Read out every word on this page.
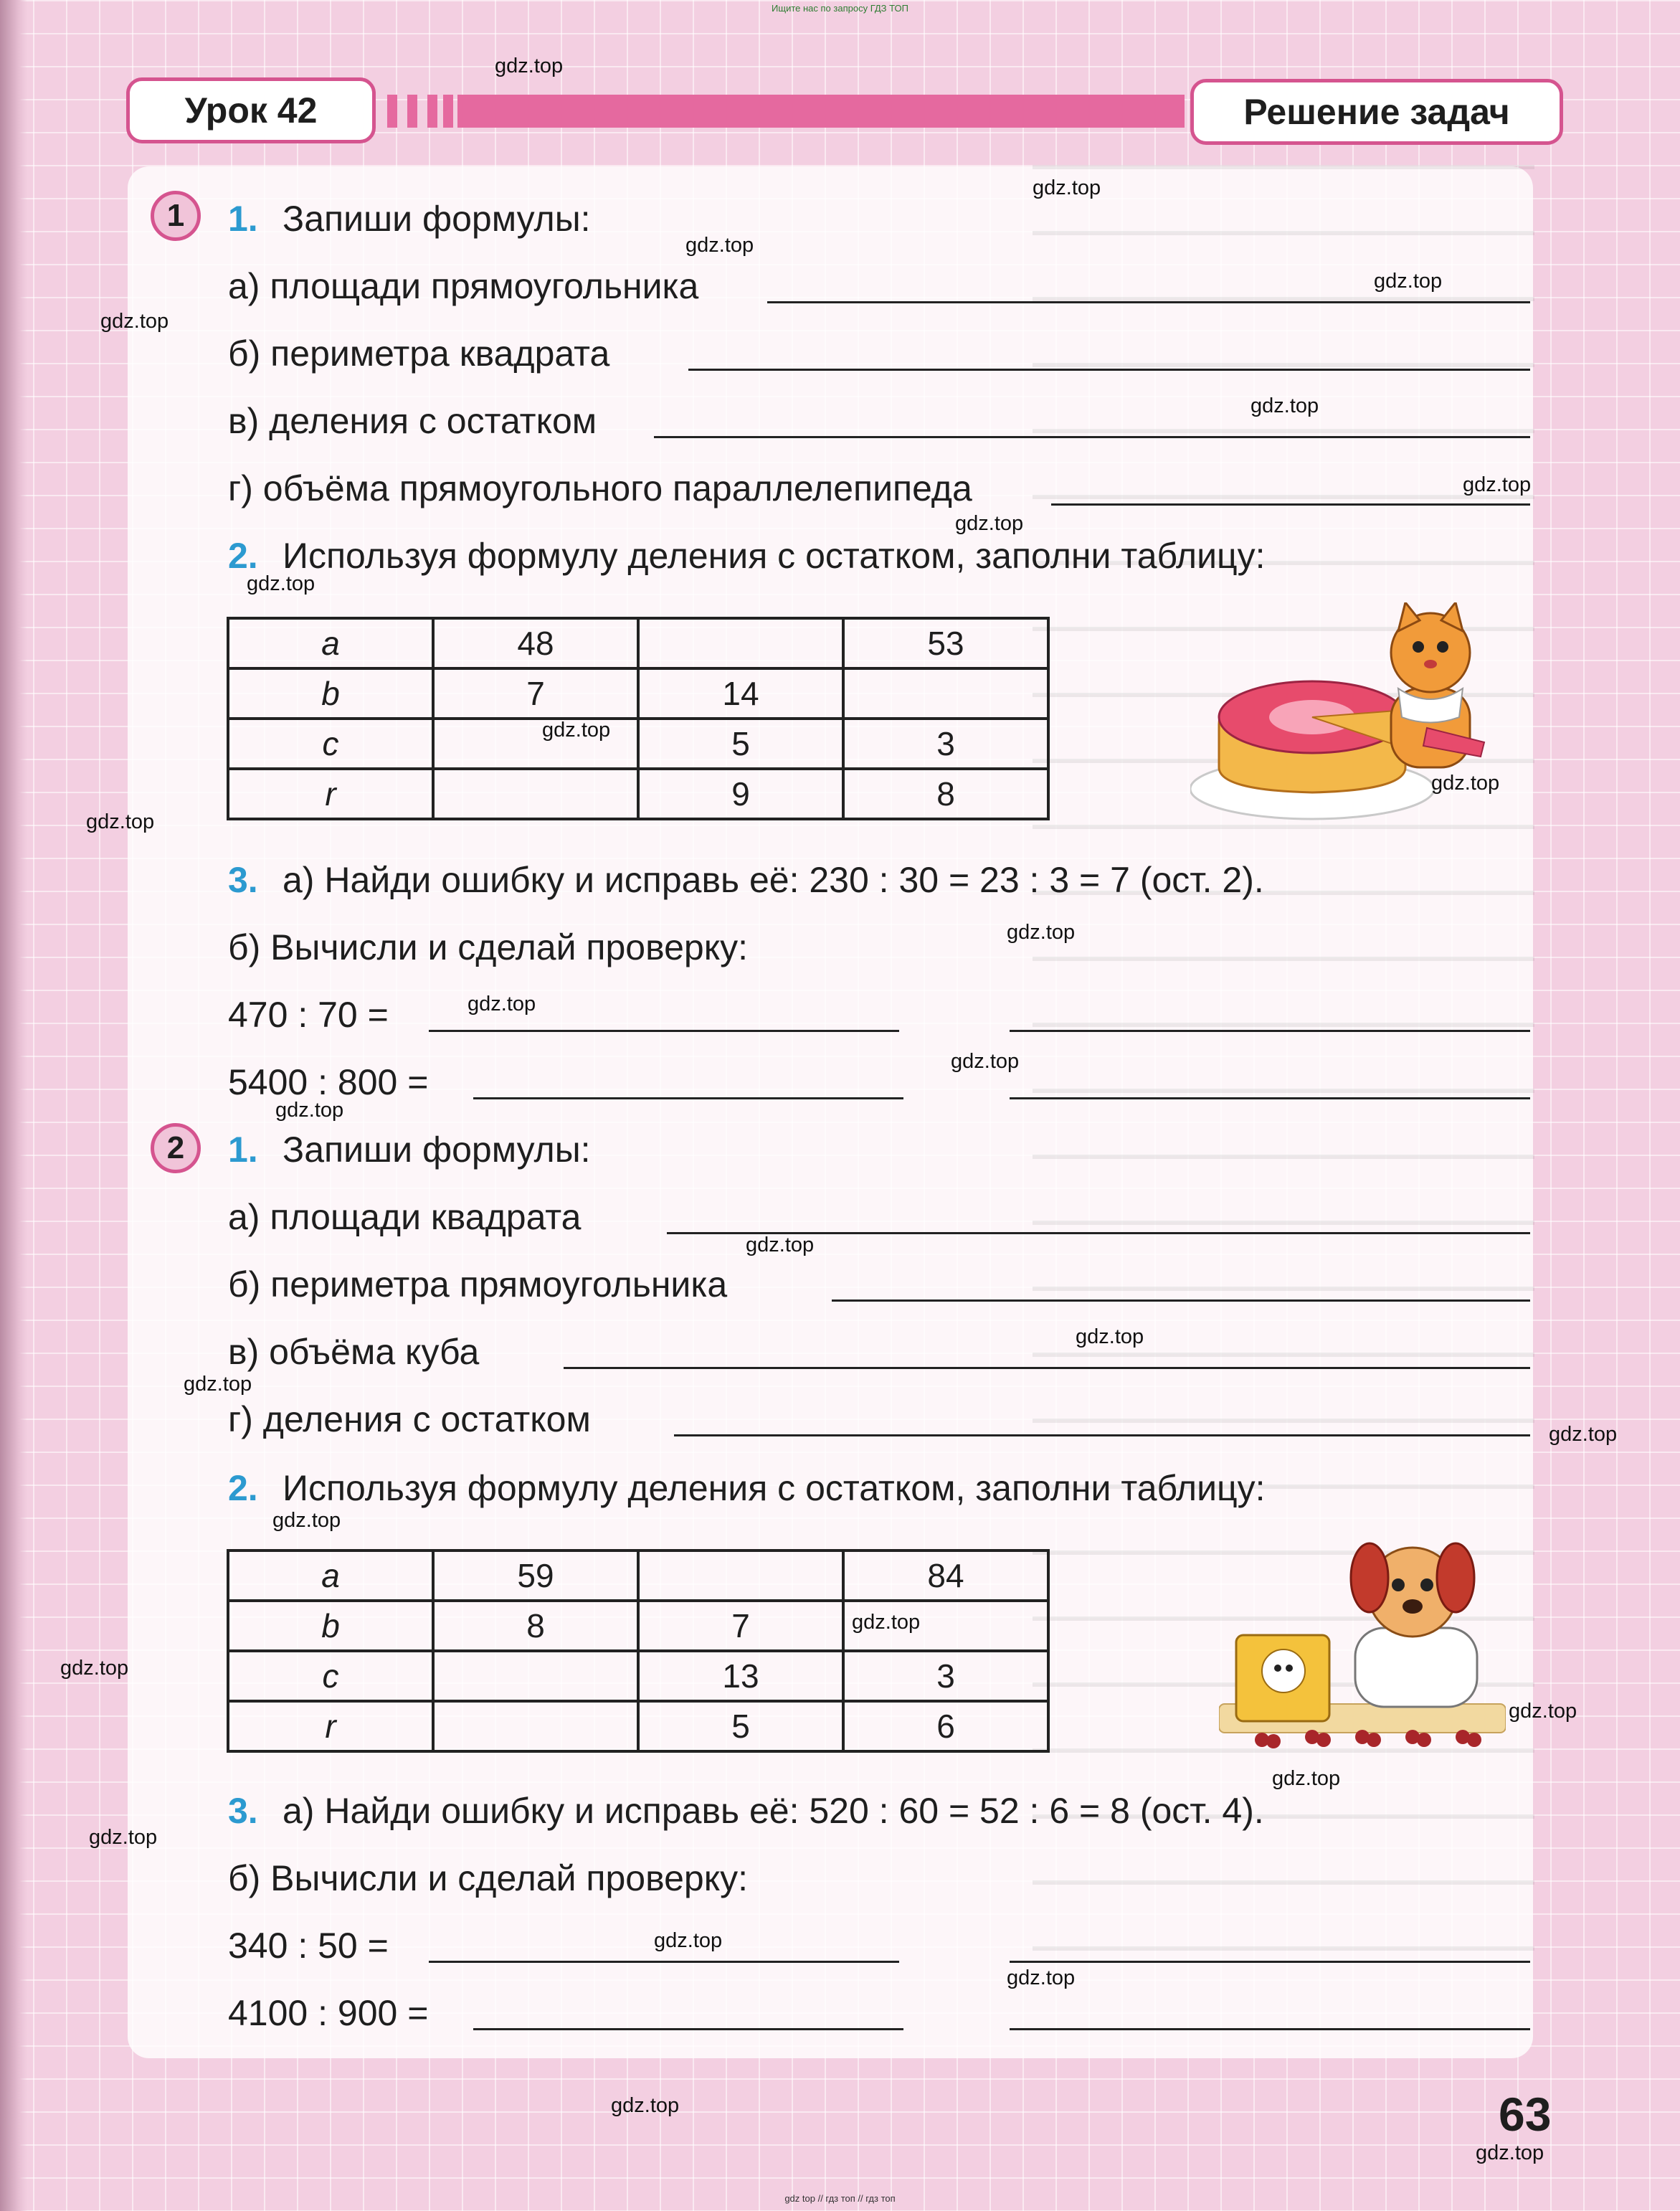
Ищите нас по запросу ГДЗ ТОП
Урок 42	Решение задач
1	1. Запиши формулы:
а) площади прямоугольника
б) периметра квадрата
в) деления с остатком
г) объёма прямоугольного параллелепипеда
2. Используя формулу деления с остатком, заполни таблицу:
a	48		53
b	7	14	
c		5	3
r		9	8
3. а) Найди ошибку и исправь её: 230 : 30 = 23 : 3 = 7 (ост. 2).
б) Вычисли и сделай проверку:
470 : 70 =
5400 : 800 =
2	1. Запиши формулы:
а) площади квадрата
б) периметра прямоугольника
в) объёма куба
г) деления с остатком
2. Используя формулу деления с остатком, заполни таблицу:
a	59		84
b	8	7	
c		13	3
r		5	6
3. а) Найди ошибку и исправь её: 520 : 60 = 52 : 6 = 8 (ост. 4).
б) Вычисли и сделай проверку:
340 : 50 =
4100 : 900 =
63
gdz.top
gdz.top
gdz.top
gdz.top
gdz.top
gdz.top
gdz.top
gdz.top
gdz.top
gdz.top
gdz.top
gdz.top
gdz.top
gdz.top
gdz.top
gdz.top
gdz.top
gdz.top
gdz.top
gdz.top
gdz.top
gdz.top
gdz.top
gdz.top
gdz.top
gdz.top
gdz.top
gdz.top
gdz.top
gdz.top
gdz top // гдз топ // гдз топ
